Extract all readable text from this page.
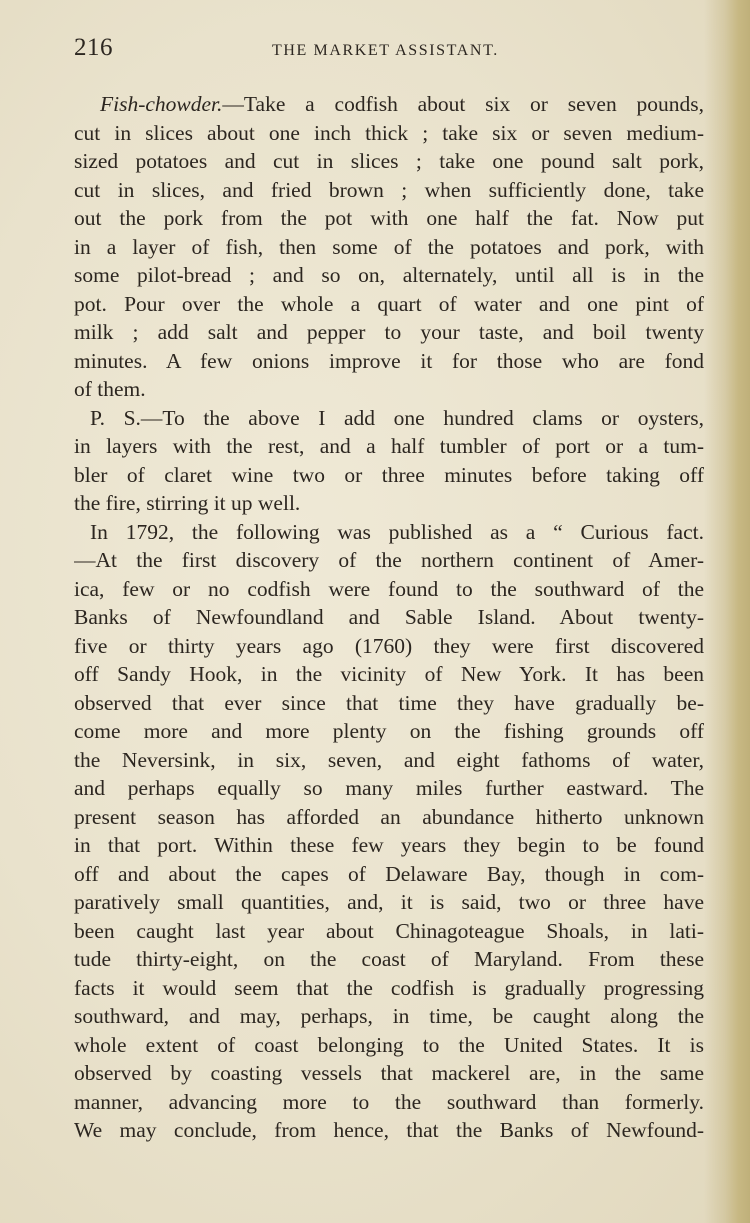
216	THE MARKET ASSISTANT.
Fish-chowder.—Take a codfish about six or seven pounds,
cut in slices about one inch thick ; take six or seven medium-
sized potatoes and cut in slices ; take one pound salt pork,
cut in slices, and fried brown ; when sufficiently done, take
out the pork from the pot with one half the fat. Now put
in a layer of fish, then some of the potatoes and pork, with
some pilot-bread ; and so on, alternately, until all is in the
pot. Pour over the whole a quart of water and one pint of
milk ; add salt and pepper to your taste, and boil twenty
minutes. A few onions improve it for those who are fond
of them.
P. S.—To the above I add one hundred clams or oysters,
in layers with the rest, and a half tumbler of port or a tum-
bler of claret wine two or three minutes before taking off
the fire, stirring it up well.
In 1792, the following was published as a “ Curious fact.
—At the first discovery of the northern continent of Amer-
ica, few or no codfish were found to the southward of the
Banks of Newfoundland and Sable Island. About twenty-
five or thirty years ago (1760) they were first discovered
off Sandy Hook, in the vicinity of New York. It has been
observed that ever since that time they have gradually be-
come more and more plenty on the fishing grounds off
the Neversink, in six, seven, and eight fathoms of water,
and perhaps equally so many miles further eastward. The
present season has afforded an abundance hitherto unknown
in that port. Within these few years they begin to be found
off and about the capes of Delaware Bay, though in com-
paratively small quantities, and, it is said, two or three have
been caught last year about Chinagoteague Shoals, in lati-
tude thirty-eight, on the coast of Maryland. From these
facts it would seem that the codfish is gradually progressing
southward, and may, perhaps, in time, be caught along the
whole extent of coast belonging to the United States. It is
observed by coasting vessels that mackerel are, in the same
manner, advancing more to the southward than formerly.
We may conclude, from hence, that the Banks of Newfound-
